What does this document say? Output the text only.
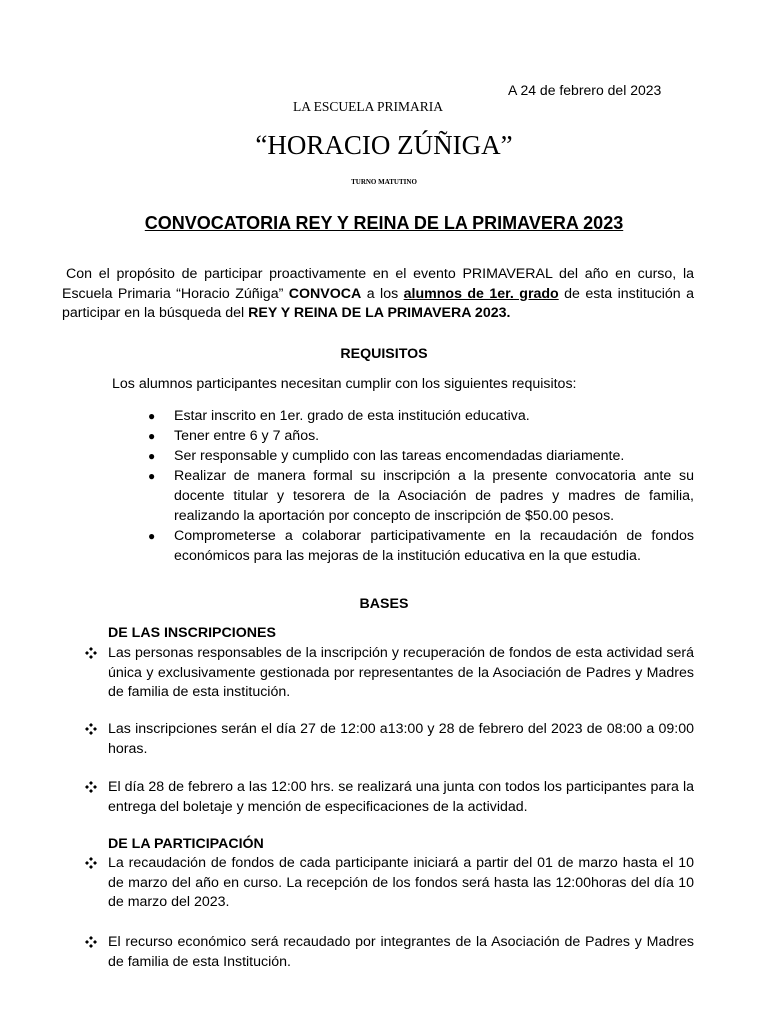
A 24 de febrero del 2023
LA ESCUELA PRIMARIA
“HORACIO ZÚÑIGA”
TURNO MATUTINO
CONVOCATORIA REY Y REINA DE LA PRIMAVERA 2023

Con el propósito de participar proactivamente en el evento PRIMAVERAL del año en curso, la Escuela Primaria “Horacio Zúñiga” CONVOCA a los alumnos de 1er. grado de esta institución a participar en la búsqueda del REY Y REINA DE LA PRIMAVERA 2023.

REQUISITOS
Los alumnos participantes necesitan cumplir con los siguientes requisitos:
● Estar inscrito en 1er. grado de esta institución educativa.
● Tener entre 6 y 7 años.
● Ser responsable y cumplido con las tareas encomendadas diariamente.
● Realizar de manera formal su inscripción a la presente convocatoria ante su docente titular y tesorera de la Asociación de padres y madres de familia, realizando la aportación por concepto de inscripción de $50.00 pesos.
● Comprometerse a colaborar participativamente en la recaudación de fondos económicos para las mejoras de la institución educativa en la que estudia.
BASES
DE LAS INSCRIPCIONES
Las personas responsables de la inscripción y recuperación de fondos de esta actividad será única y exclusivamente gestionada por representantes de la Asociación de Padres y Madres de familia de esta institución.
Las inscripciones serán el día 27 de 12:00 a13:00 y 28 de febrero del 2023 de 08:00 a 09:00 horas.
El día 28 de febrero a las 12:00 hrs. se realizará una junta con todos los participantes para la entrega del boletaje y mención de especificaciones de la actividad.
DE LA PARTICIPACIÓN
La recaudación de fondos de cada participante iniciará a partir del 01 de marzo hasta el 10 de marzo del año en curso. La recepción de los fondos será hasta las 12:00horas del día 10 de marzo del 2023.
El recurso económico será recaudado por integrantes de la Asociación de Padres y Madres de familia de esta Institución.
